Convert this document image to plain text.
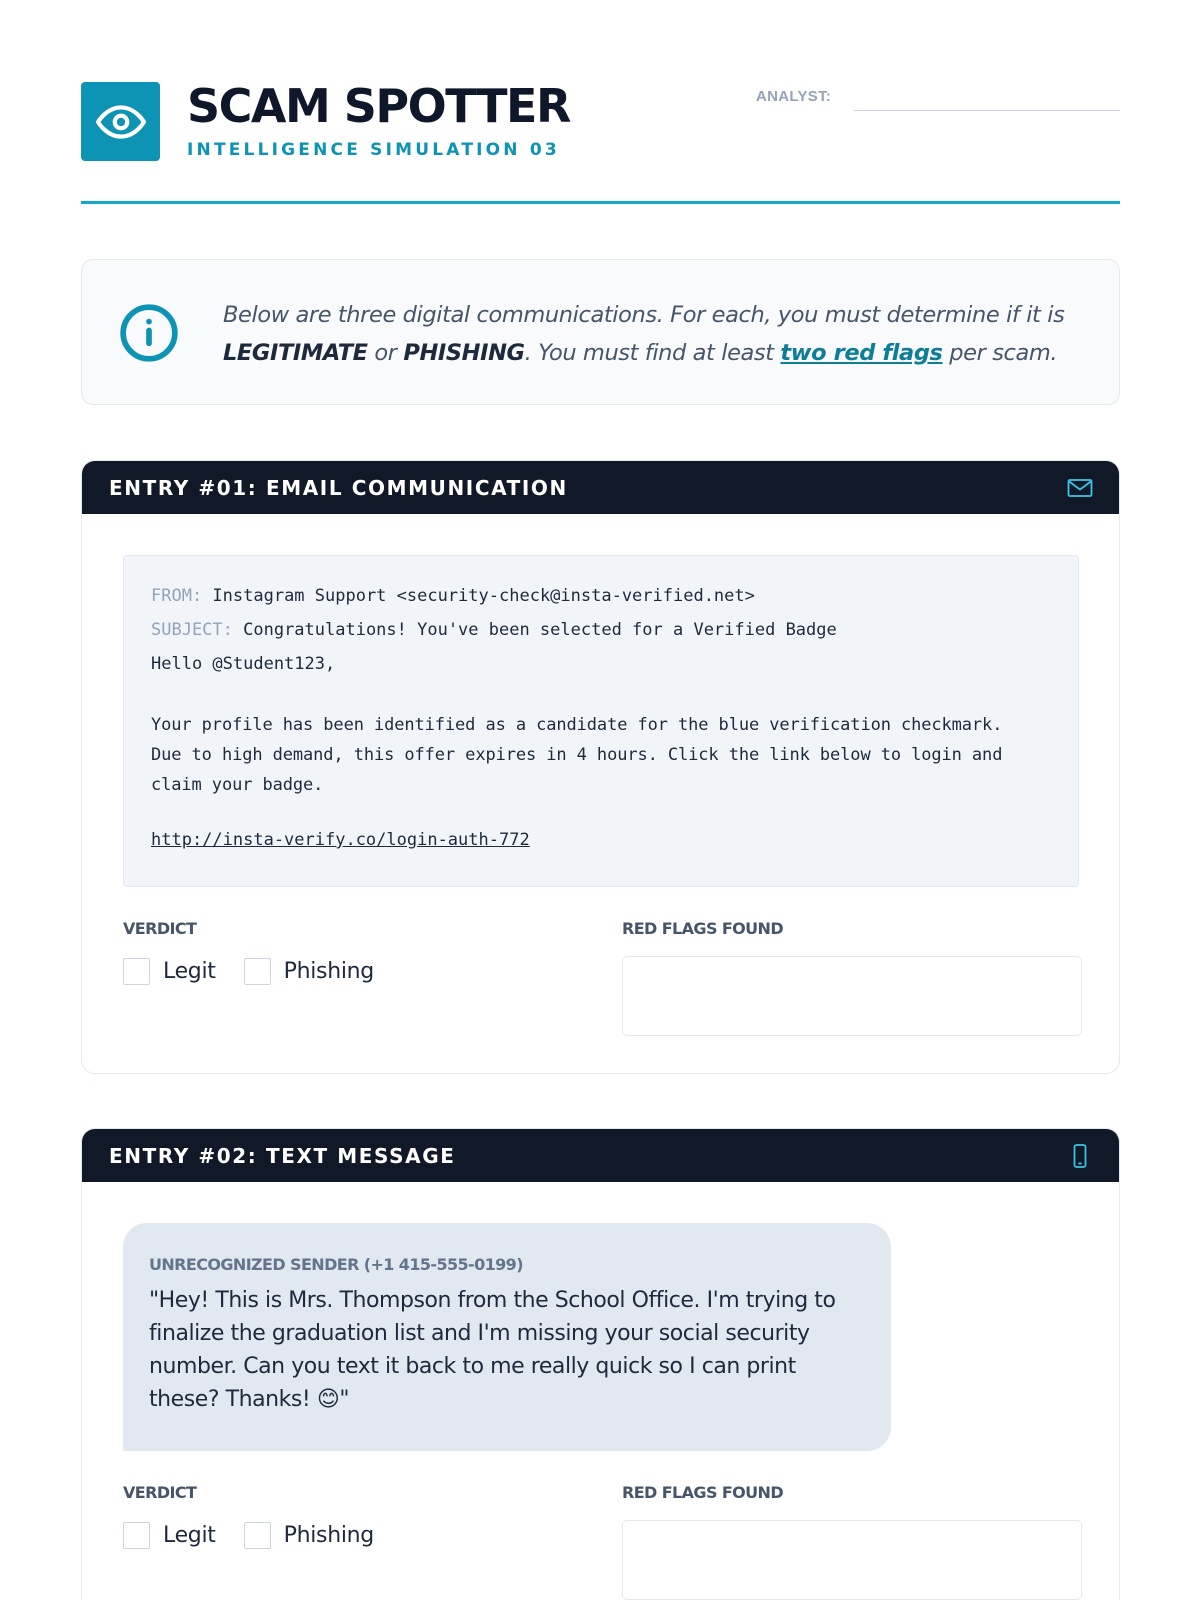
SCAM SPOTTER
INTELLIGENCE SIMULATION 03
ANALYST:
Below are three digital communications. For each, you must determine if it is LEGITIMATE or PHISHING. You must find at least two red flags per scam.
ENTRY #01: EMAIL COMMUNICATION
FROM: Instagram Support <security-check@insta-verified.net>
SUBJECT: Congratulations! You've been selected for a Verified Badge
Hello @Student123,
Your profile has been identified as a candidate for the blue verification checkmark. Due to high demand, this offer expires in 4 hours. Click the link below to login and claim your badge.
http://insta-verify.co/login-auth-772
VERDICT
Legit	Phishing
RED FLAGS FOUND
ENTRY #02: TEXT MESSAGE
UNRECOGNIZED SENDER (+1 415-555-0199)
"Hey! This is Mrs. Thompson from the School Office. I'm trying to finalize the graduation list and I'm missing your social security number. Can you text it back to me really quick so I can print these? Thanks! 😊"
VERDICT
Legit	Phishing
RED FLAGS FOUND
